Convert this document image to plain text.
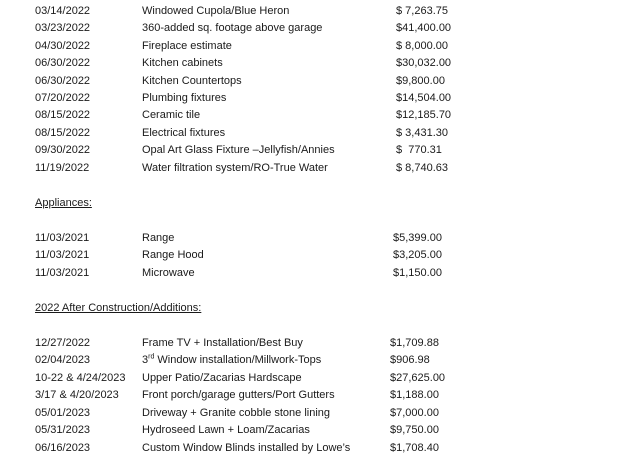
03/14/2022	Windowed Cupola/Blue Heron	$ 7,263.75
03/23/2022	360-added sq. footage above garage	$41,400.00
04/30/2022	Fireplace estimate	$ 8,000.00
06/30/2022	Kitchen cabinets	$30,032.00
06/30/2022	Kitchen Countertops	$9,800.00
07/20/2022	Plumbing fixtures	$14,504.00
08/15/2022	Ceramic tile	$12,185.70
08/15/2022	Electrical fixtures	$ 3,431.30
09/30/2022	Opal Art Glass Fixture –Jellyfish/Annies	$  770.31
11/19/2022	Water filtration system/RO-True Water	$ 8,740.63
Appliances:
11/03/2021	Range	$5,399.00
11/03/2021	Range Hood	$3,205.00
11/03/2021	Microwave	$1,150.00
2022 After Construction/Additions:
12/27/2022	Frame TV + Installation/Best Buy	$1,709.88
02/04/2023	3rd Window installation/Millwork-Tops	$906.98
10-22 & 4/24/2023 Upper Patio/Zacarias Hardscape	$27,625.00
3/17 & 4/20/2023 Front porch/garage gutters/Port Gutters	$1,188.00
05/01/2023	Driveway + Granite cobble stone lining	$7,000.00
05/31/2023	Hydroseed Lawn + Loam/Zacarias	$9,750.00
06/16/2023	Custom Window Blinds installed by Lowe’s	$1,708.40
